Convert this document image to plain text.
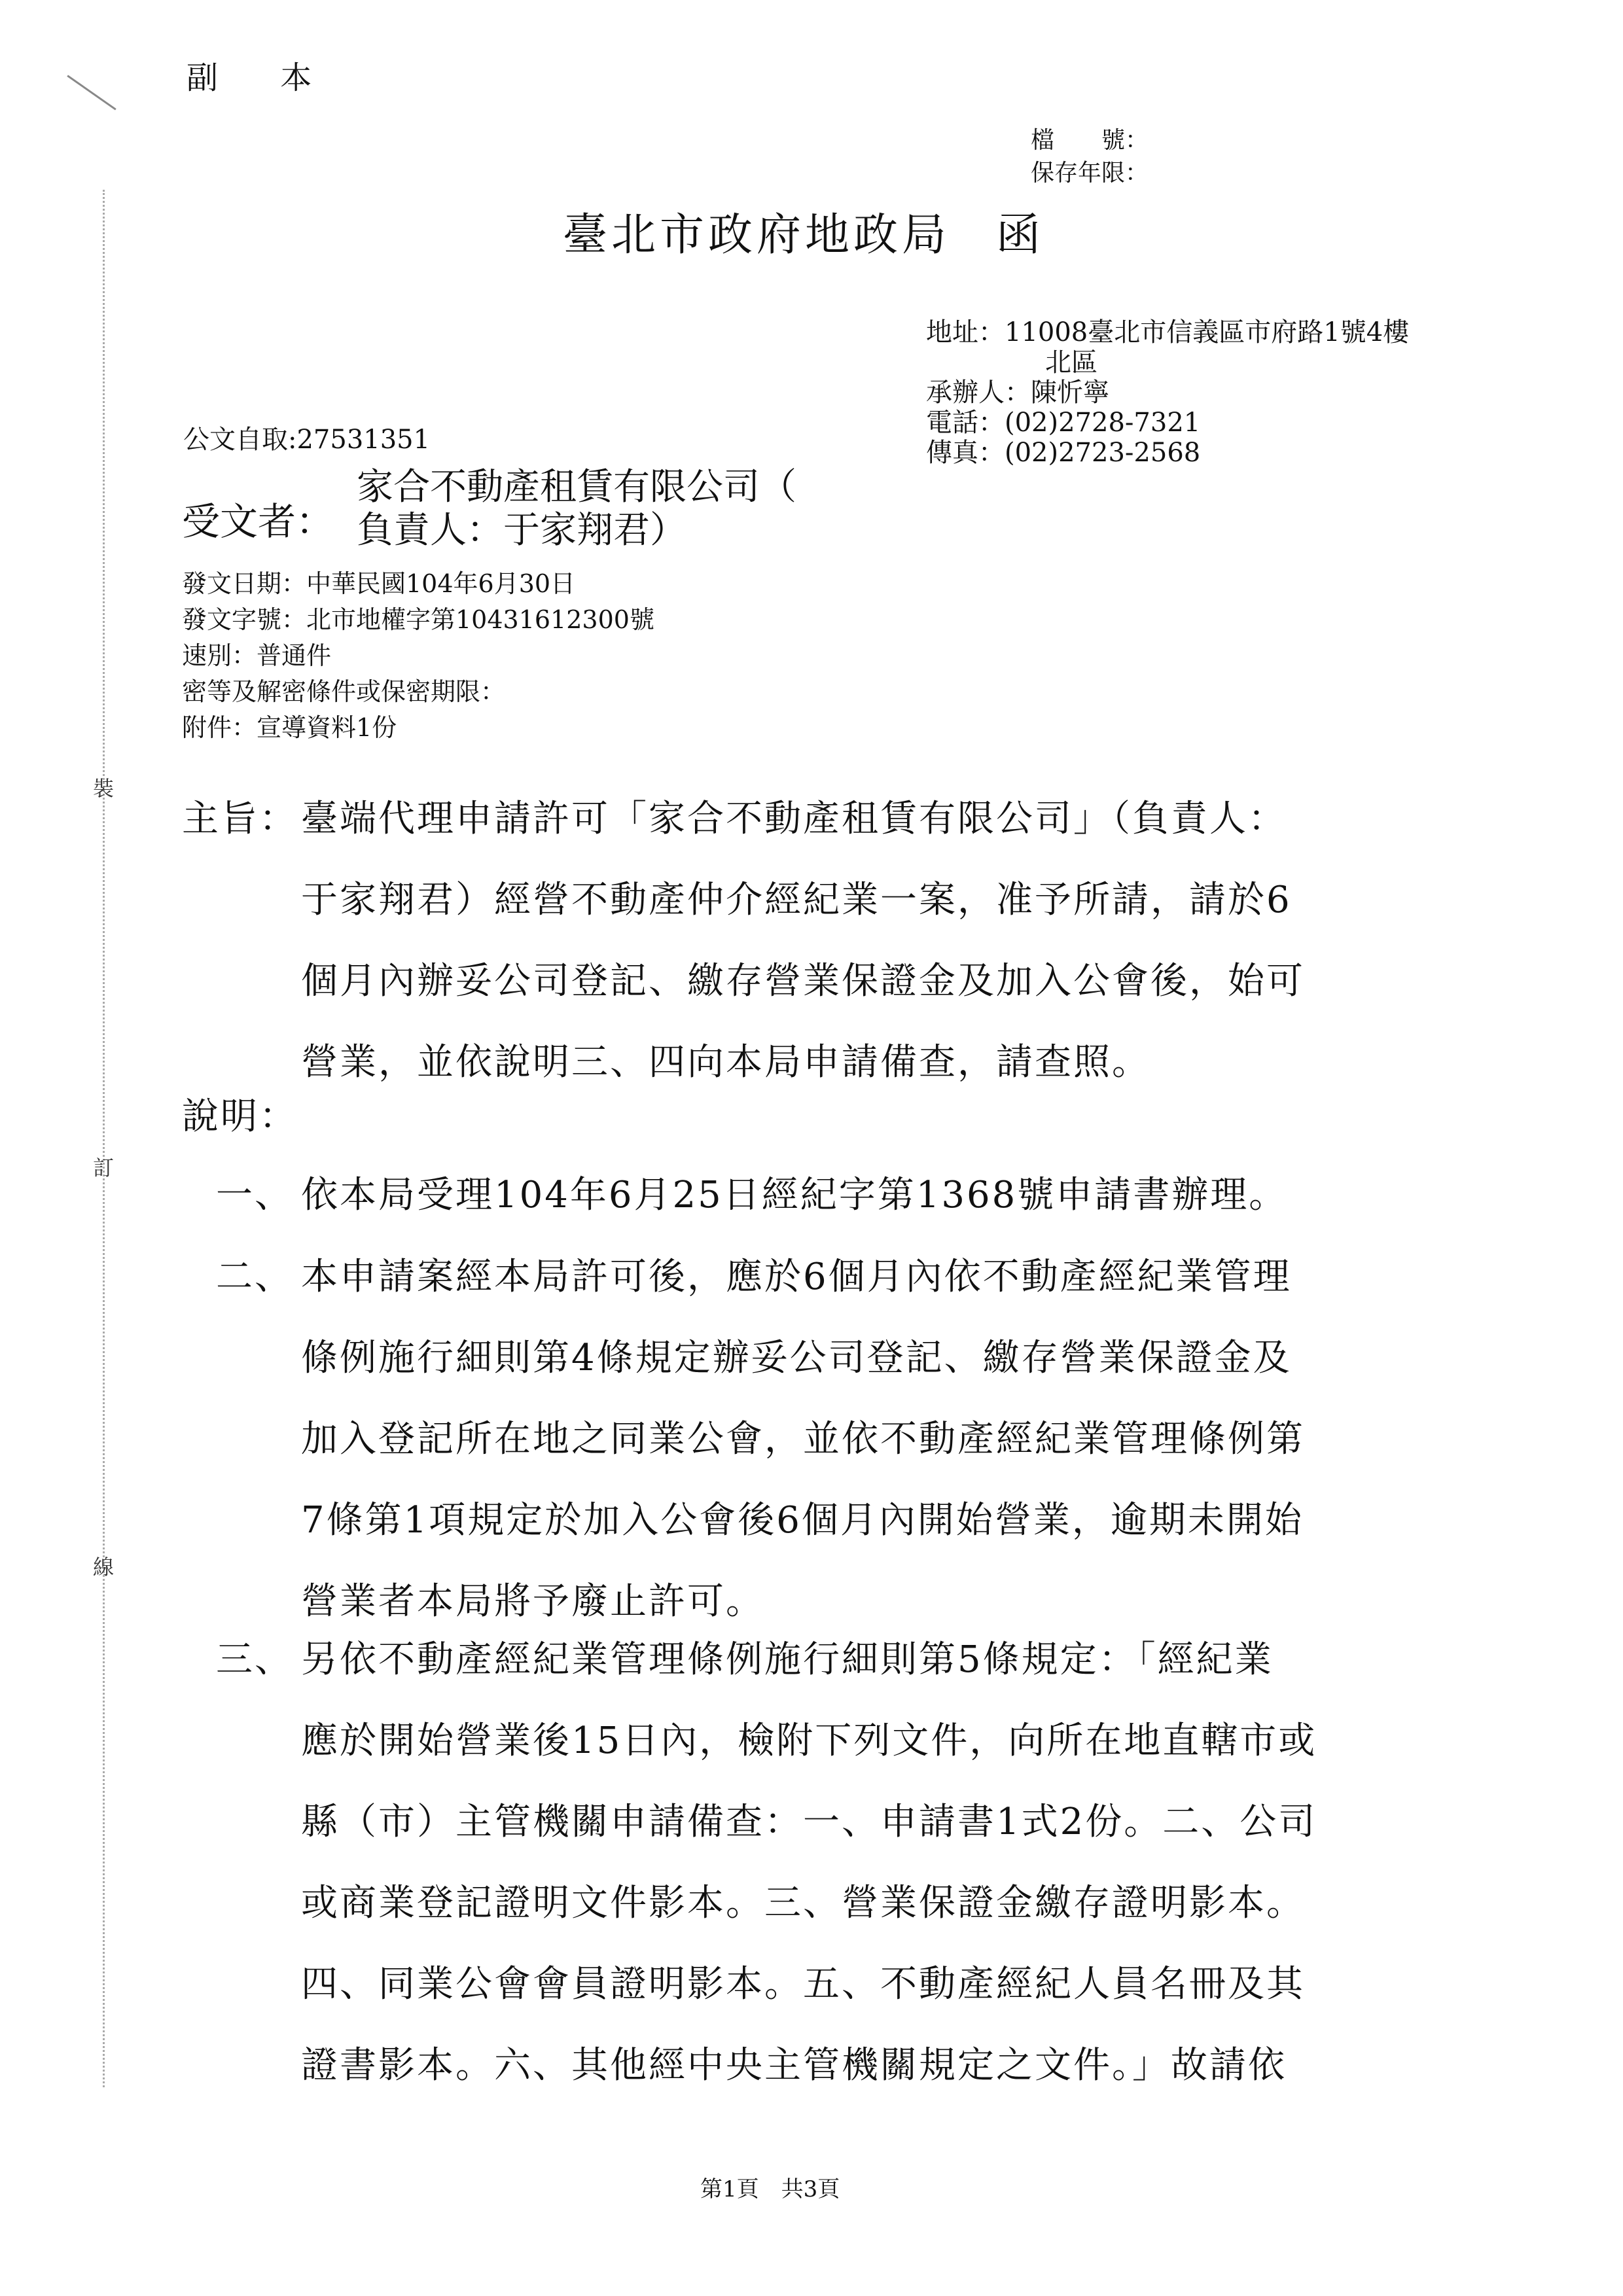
副 本
檔　　號：
保存年限：
臺北市政府地政局 函
地址：11008臺北市信義區市府路1號4樓
北區
承辦人：陳忻寧
電話：(02)2728-7321
傳真：(02)2723-2568
公文自取:27531351
受文者：
家合不動產租賃有限公司（
負責人：于家翔君）
發文日期：中華民國104年6月30日
發文字號：北市地權字第10431612300號
速別：普通件
密等及解密條件或保密期限：
附件：宣導資料1份
裝
訂
線
主旨： 臺端代理申請許可「家合不動產租賃有限公司」（負責人：
于家翔君）經營不動產仲介經紀業一案，准予所請，請於6
個月內辦妥公司登記、繳存營業保證金及加入公會後，始可
營業，並依說明三、四向本局申請備查，請查照。
說明：
一、 依本局受理104年6月25日經紀字第1368號申請書辦理。
二、 本申請案經本局許可後，應於6個月內依不動產經紀業管理
條例施行細則第4條規定辦妥公司登記、繳存營業保證金及
加入登記所在地之同業公會，並依不動產經紀業管理條例第
7條第1項規定於加入公會後6個月內開始營業，逾期未開始
營業者本局將予廢止許可。
三、 另依不動產經紀業管理條例施行細則第5條規定：「經紀業
應於開始營業後15日內，檢附下列文件，向所在地直轄市或
縣（市）主管機關申請備查：一、申請書1式2份。二、公司
或商業登記證明文件影本。三、營業保證金繳存證明影本。
四、同業公會會員證明影本。五、不動產經紀人員名冊及其
證書影本。六、其他經中央主管機關規定之文件。」故請依
第1頁　共3頁
